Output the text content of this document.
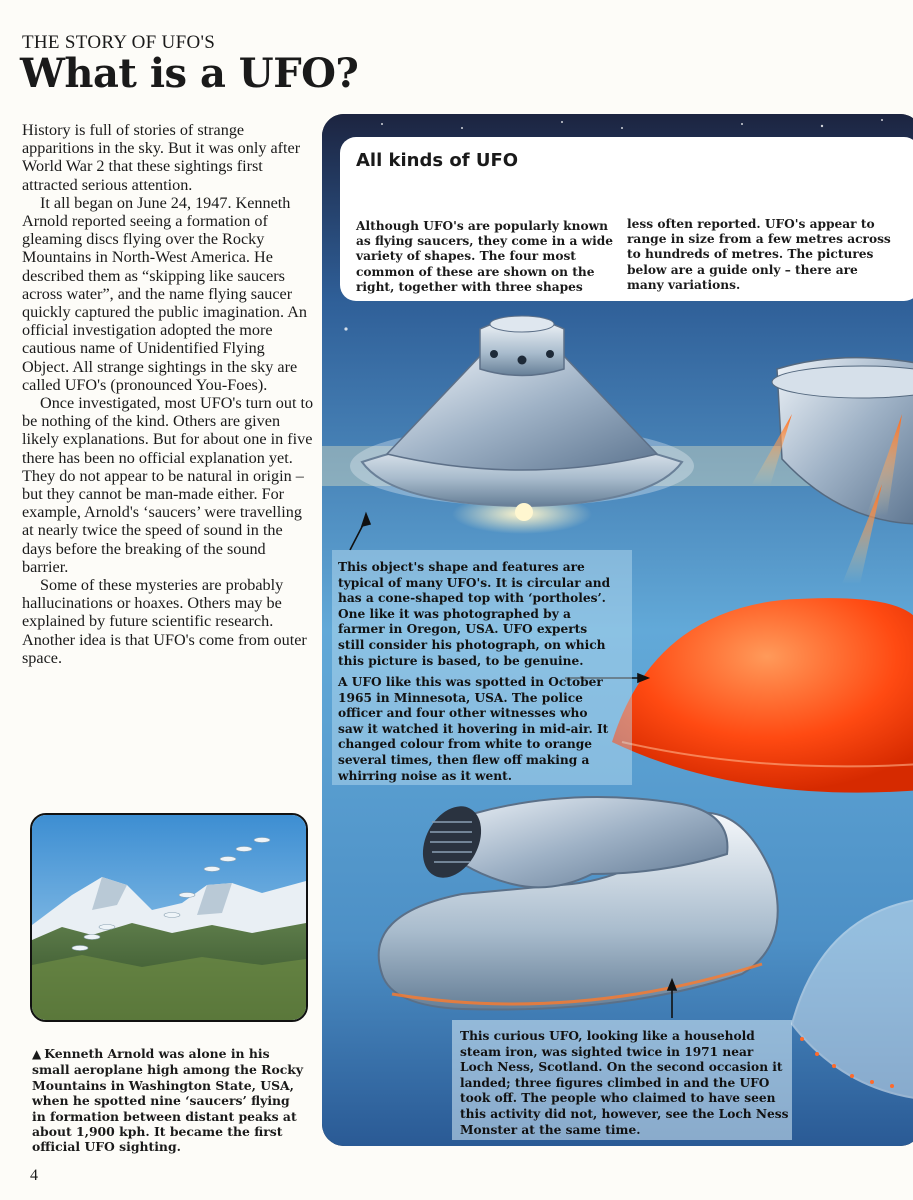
THE STORY OF UFO'S
What is a UFO?

History is full of stories of strange apparitions in the sky. But it was only after World War 2 that these sightings first attracted serious attention.

It all began on June 24, 1947. Kenneth Arnold reported seeing a formation of gleaming discs flying over the Rocky Mountains in North-West America. He described them as “skipping like saucers across water”, and the name flying saucer quickly captured the public imagination. An official investigation adopted the more cautious name of Unidentified Flying Object. All strange sightings in the sky are called UFO's (pronounced You-Foes).

Once investigated, most UFO's turn out to be nothing of the kind. Others are given likely explanations. But for about one in five there has been no official explanation yet. They do not appear to be natural in origin – but they cannot be man-made either. For example, Arnold's ‘saucers’ were travelling at nearly twice the speed of sound in the days before the breaking of the sound barrier.

Some of these mysteries are probably hallucinations or hoaxes. Others may be explained by future scientific research. Another idea is that UFO's come from outer space.

▲ Kenneth Arnold was alone in his small aeroplane high among the Rocky Mountains in Washington State, USA, when he spotted nine ‘saucers’ flying in formation between distant peaks at about 1,900 kph. It became the first official UFO sighting.
4
All kinds of UFO
Although UFO's are popularly known as flying saucers, they come in a wide variety of shapes. The four most common of these are shown on the right, together with three shapes
less often reported. UFO's appear to range in size from a few metres across to hundreds of metres. The pictures below are a guide only – there are many variations.
This object's shape and features are typical of many UFO's. It is circular and has a cone-shaped top with ‘portholes’. One like it was photographed by a farmer in Oregon, USA. UFO experts still consider his photograph, on which this picture is based, to be genuine.
A UFO like this was spotted in October 1965 in Minnesota, USA. The police officer and four other witnesses who saw it watched it hovering in mid-air. It changed colour from white to orange several times, then flew off making a whirring noise as it went.
This curious UFO, looking like a household steam iron, was sighted twice in 1971 near Loch Ness, Scotland. On the second occasion it landed; three figures climbed in and the UFO took off. The people who claimed to have seen this activity did not, however, see the Loch Ness Monster at the same time.
